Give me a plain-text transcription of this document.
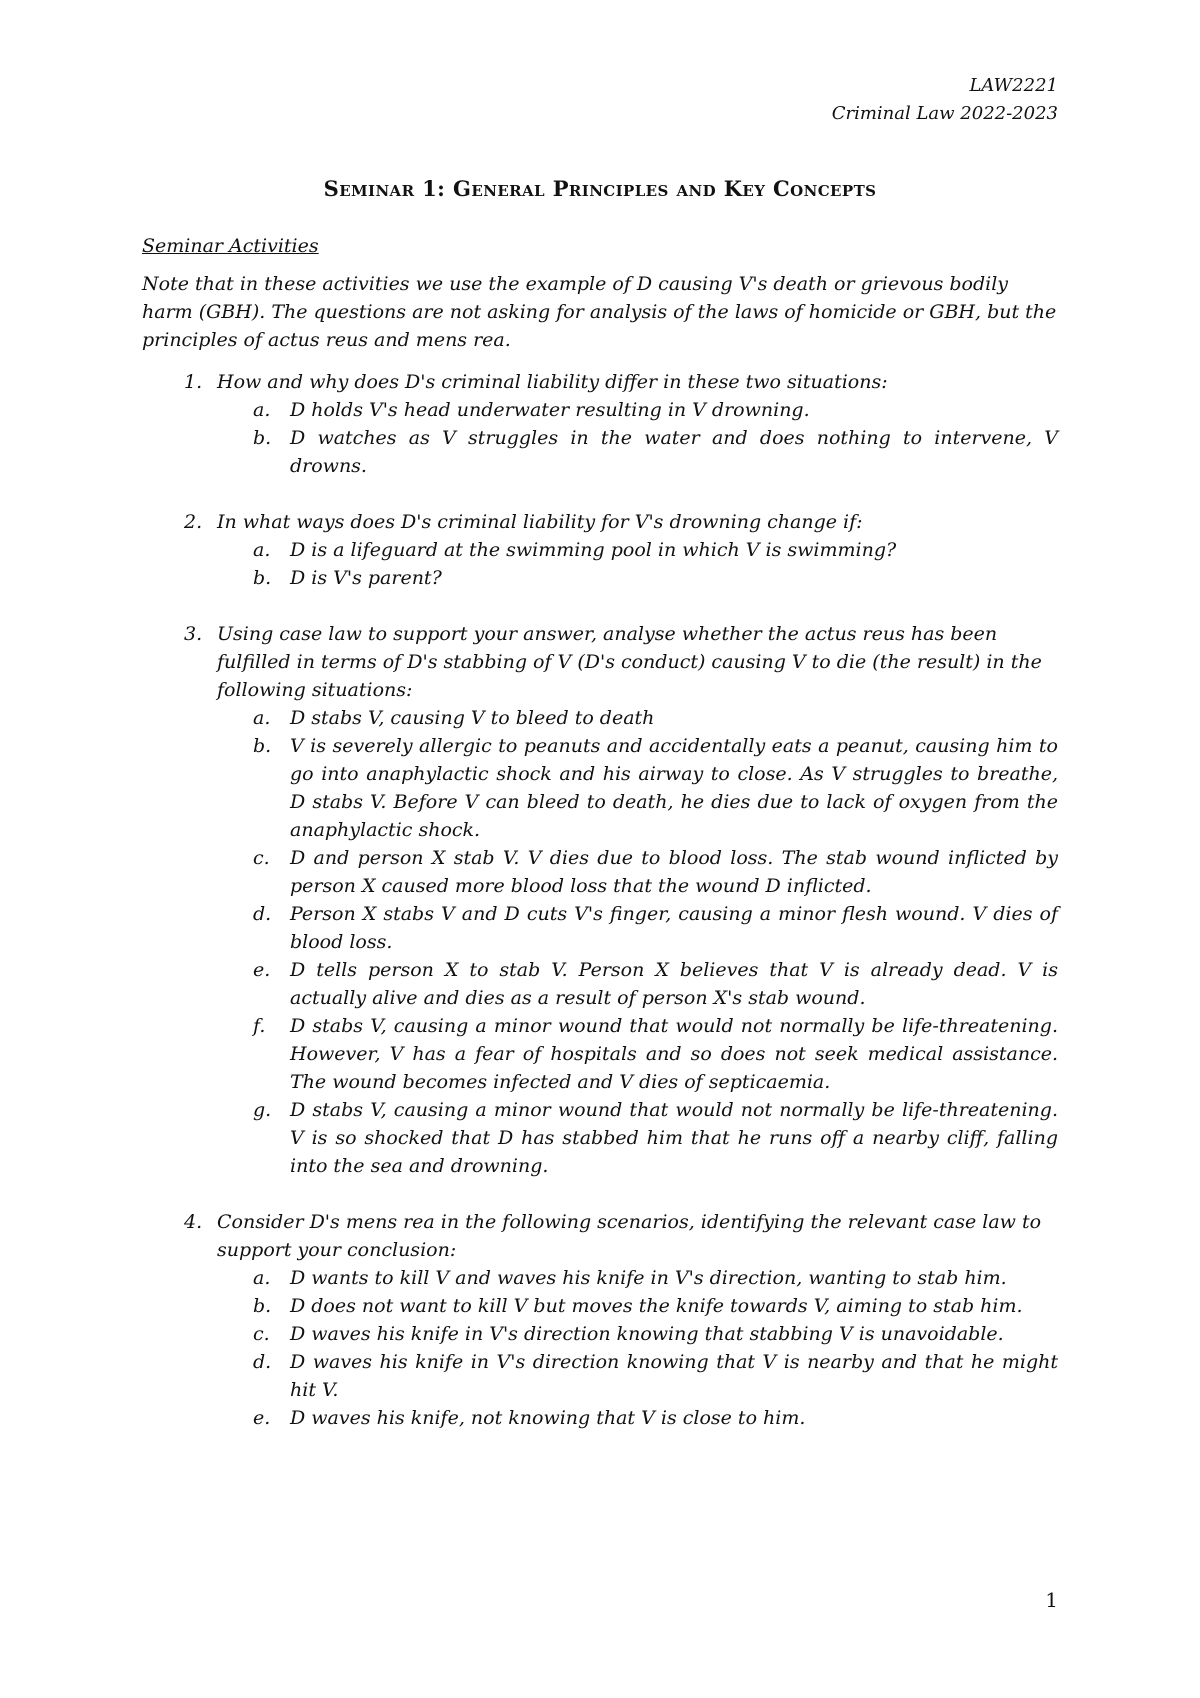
LAW2221
Criminal Law 2022-2023
Seminar 1: General Principles and Key Concepts
Seminar Activities

Note that in these activities we use the example of D causing V's death or grievous bodily harm (GBH). The questions are not asking for analysis of the laws of homicide or GBH, but the principles of actus reus and mens rea.

1. How and why does D's criminal liability differ in these two situations:
a. D holds V's head underwater resulting in V drowning.
b. D watches as V struggles in the water and does nothing to intervene, V drowns.
2. In what ways does D's criminal liability for V's drowning change if:
a. D is a lifeguard at the swimming pool in which V is swimming?
b. D is V's parent?
3. Using case law to support your answer, analyse whether the actus reus has been fulfilled in terms of D's stabbing of V (D's conduct) causing V to die (the result) in the following situations:
a. D stabs V, causing V to bleed to death
b. V is severely allergic to peanuts and accidentally eats a peanut, causing him to go into anaphylactic shock and his airway to close. As V struggles to breathe, D stabs V. Before V can bleed to death, he dies due to lack of oxygen from the anaphylactic shock.
c. D and person X stab V. V dies due to blood loss. The stab wound inflicted by person X caused more blood loss that the wound D inflicted.
d. Person X stabs V and D cuts V's finger, causing a minor flesh wound. V dies of blood loss.
e. D tells person X to stab V. Person X believes that V is already dead. V is actually alive and dies as a result of person X's stab wound.
f. D stabs V, causing a minor wound that would not normally be life-threatening. However, V has a fear of hospitals and so does not seek medical assistance. The wound becomes infected and V dies of septicaemia.
g. D stabs V, causing a minor wound that would not normally be life-threatening. V is so shocked that D has stabbed him that he runs off a nearby cliff, falling into the sea and drowning.
4. Consider D's mens rea in the following scenarios, identifying the relevant case law to support your conclusion:
a. D wants to kill V and waves his knife in V's direction, wanting to stab him.
b. D does not want to kill V but moves the knife towards V, aiming to stab him.
c. D waves his knife in V's direction knowing that stabbing V is unavoidable.
d. D waves his knife in V's direction knowing that V is nearby and that he might hit V.
e. D waves his knife, not knowing that V is close to him.
1
